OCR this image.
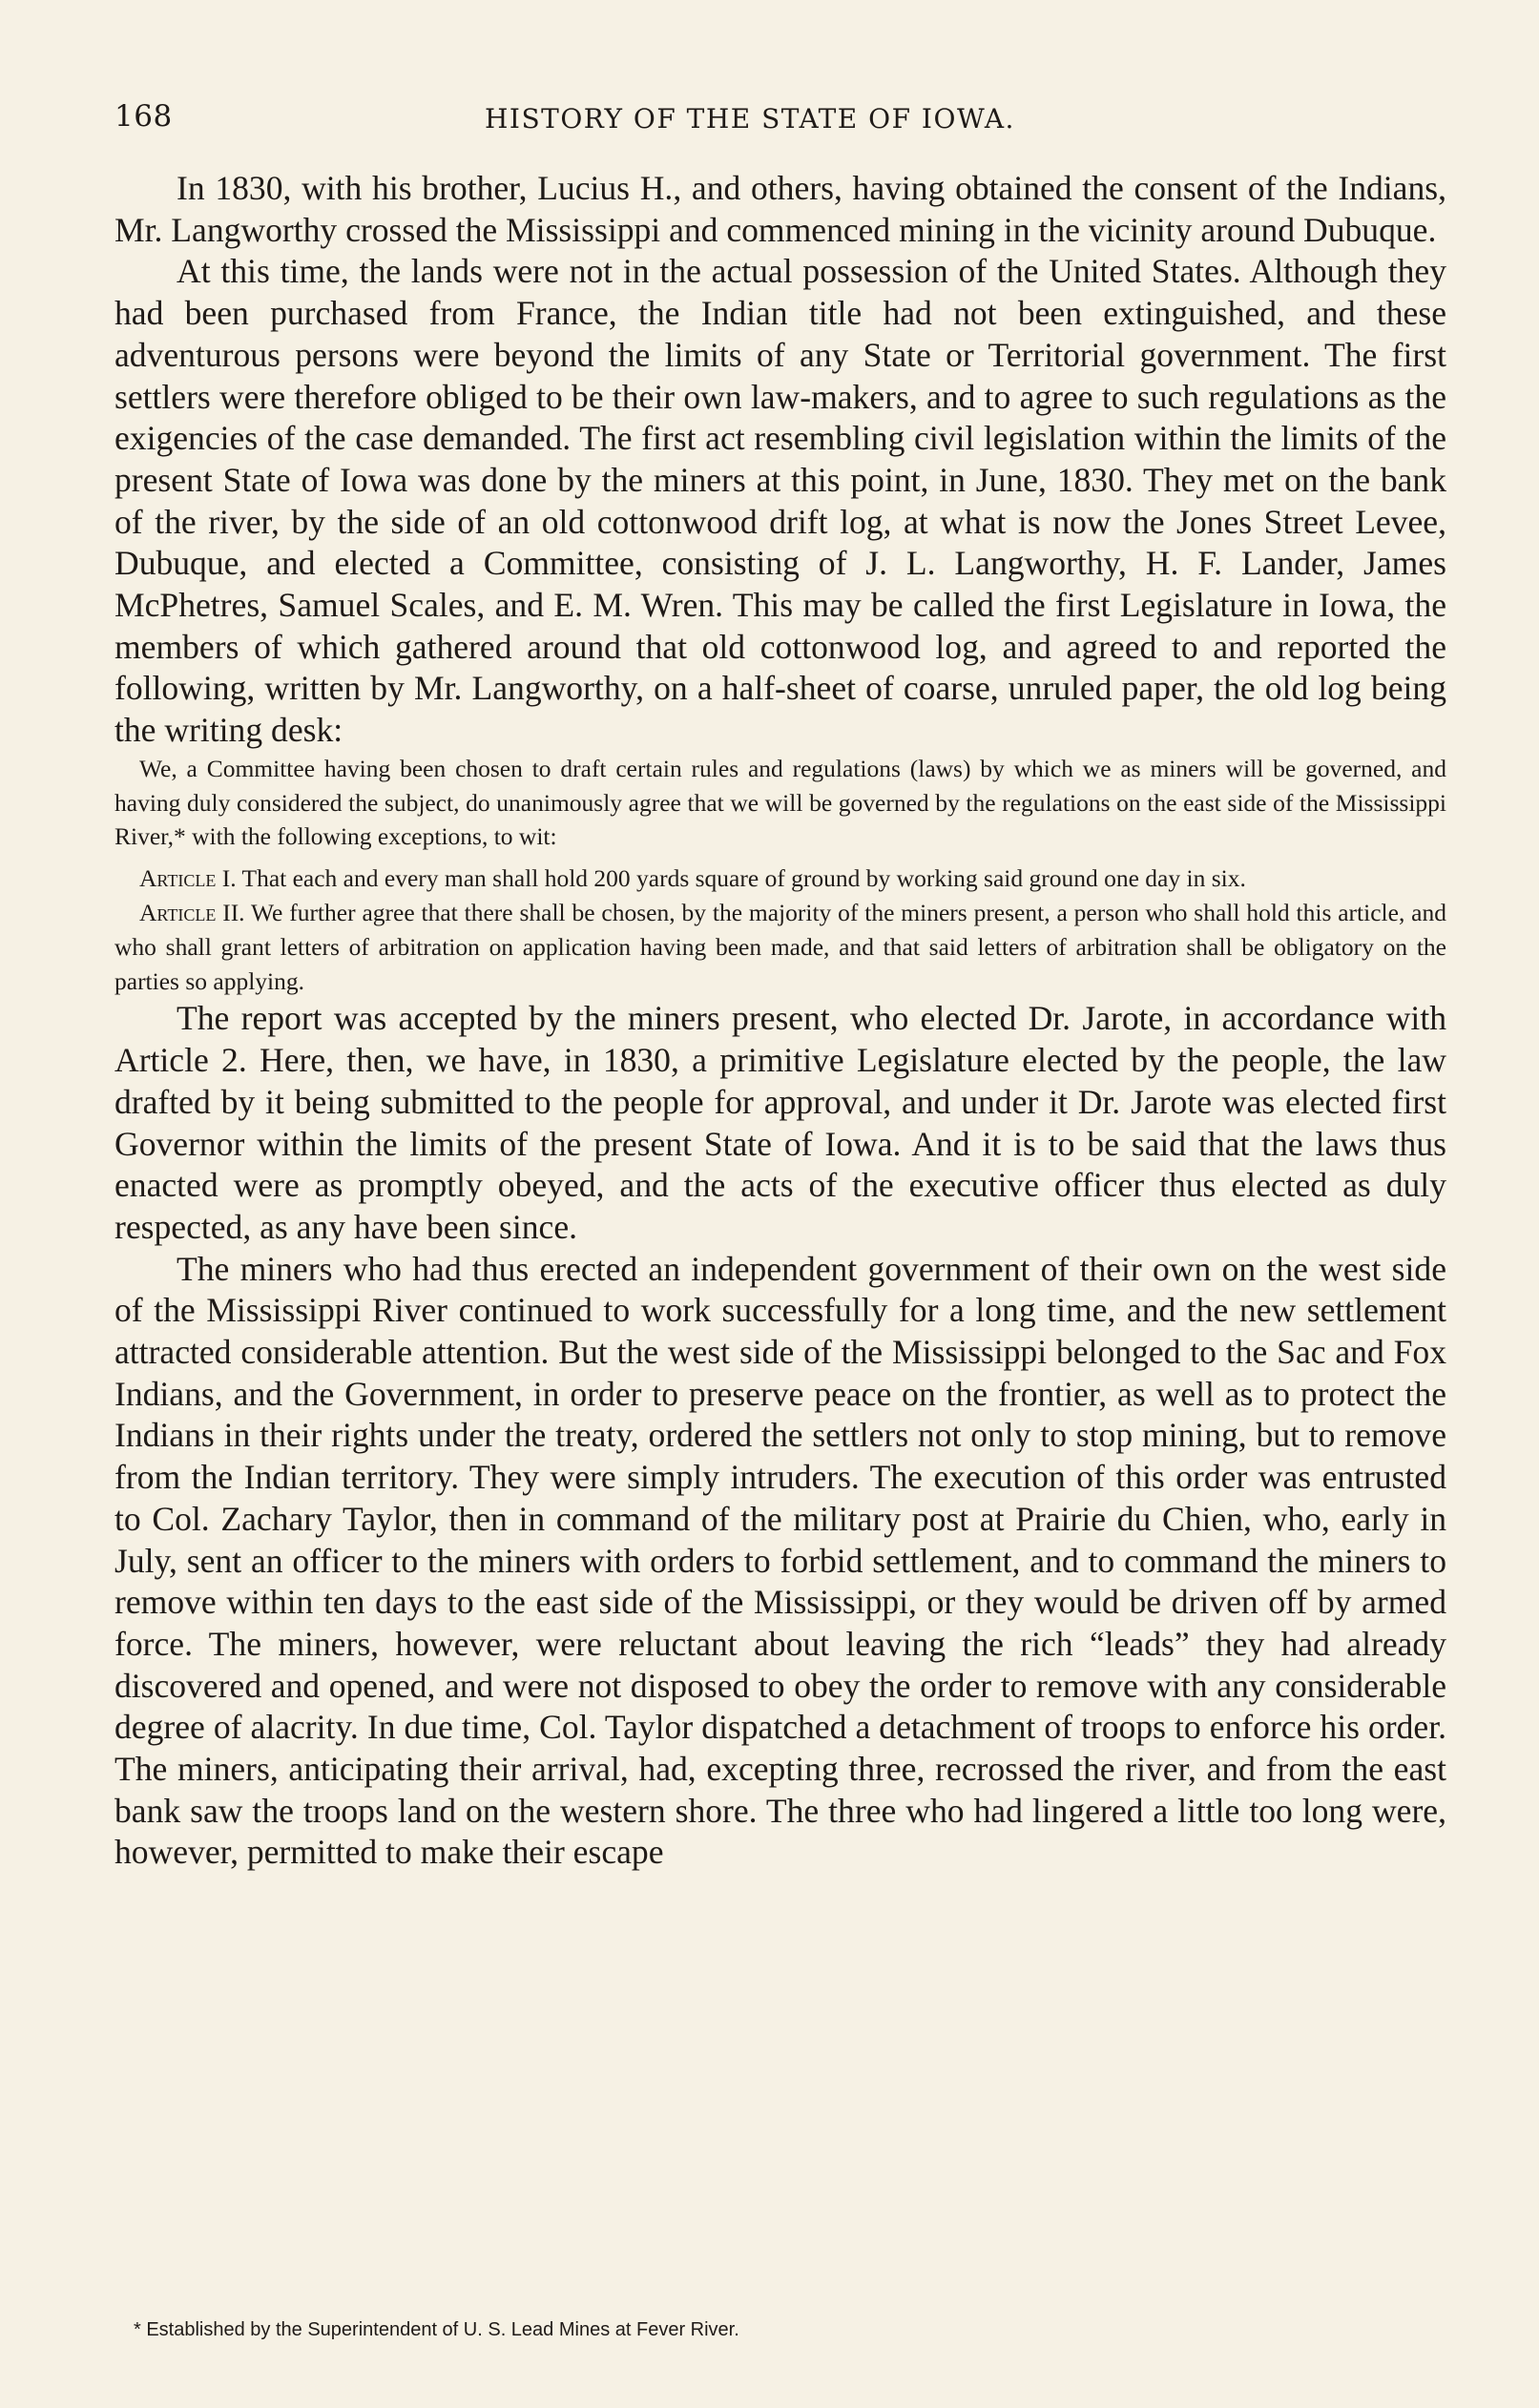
168	HISTORY OF THE STATE OF IOWA.

In 1830, with his brother, Lucius H., and others, having obtained the consent of the Indians, Mr. Langworthy crossed the Mississippi and commenced mining in the vicinity around Dubuque.

At this time, the lands were not in the actual possession of the United States. Although they had been purchased from France, the Indian title had not been extinguished, and these adventurous persons were beyond the limits of any State or Territorial government. The first settlers were therefore obliged to be their own law-makers, and to agree to such regulations as the exigencies of the case demanded. The first act resembling civil legislation within the limits of the present State of Iowa was done by the miners at this point, in June, 1830. They met on the bank of the river, by the side of an old cottonwood drift log, at what is now the Jones Street Levee, Dubuque, and elected a Committee, consisting of J. L. Langworthy, H. F. Lander, James McPhetres, Samuel Scales, and E. M. Wren. This may be called the first Legislature in Iowa, the members of which gathered around that old cottonwood log, and agreed to and reported the following, written by Mr. Langworthy, on a half-sheet of coarse, unruled paper, the old log being the writing desk:

We, a Committee having been chosen to draft certain rules and regulations (laws) by which we as miners will be governed, and having duly considered the subject, do unanimously agree that we will be governed by the regulations on the east side of the Mississippi River,* with the following exceptions, to wit:

Article I. That each and every man shall hold 200 yards square of ground by working said ground one day in six.

Article II. We further agree that there shall be chosen, by the majority of the miners present, a person who shall hold this article, and who shall grant letters of arbitration on application having been made, and that said letters of arbitration shall be obligatory on the parties so applying.

The report was accepted by the miners present, who elected Dr. Jarote, in accordance with Article 2. Here, then, we have, in 1830, a primitive Legislature elected by the people, the law drafted by it being submitted to the people for approval, and under it Dr. Jarote was elected first Governor within the limits of the present State of Iowa. And it is to be said that the laws thus enacted were as promptly obeyed, and the acts of the executive officer thus elected as duly respected, as any have been since.

The miners who had thus erected an independent government of their own on the west side of the Mississippi River continued to work successfully for a long time, and the new settlement attracted considerable attention. But the west side of the Mississippi belonged to the Sac and Fox Indians, and the Government, in order to preserve peace on the frontier, as well as to protect the Indians in their rights under the treaty, ordered the settlers not only to stop mining, but to remove from the Indian territory. They were simply intruders. The execution of this order was entrusted to Col. Zachary Taylor, then in command of the military post at Prairie du Chien, who, early in July, sent an officer to the miners with orders to forbid settlement, and to command the miners to remove within ten days to the east side of the Mississippi, or they would be driven off by armed force. The miners, however, were reluctant about leaving the rich “leads” they had already discovered and opened, and were not disposed to obey the order to remove with any considerable degree of alacrity. In due time, Col. Taylor dispatched a detachment of troops to enforce his order. The miners, anticipating their arrival, had, excepting three, recrossed the river, and from the east bank saw the troops land on the western shore. The three who had lingered a little too long were, however, permitted to make their escape

* Established by the Superintendent of U. S. Lead Mines at Fever River.
